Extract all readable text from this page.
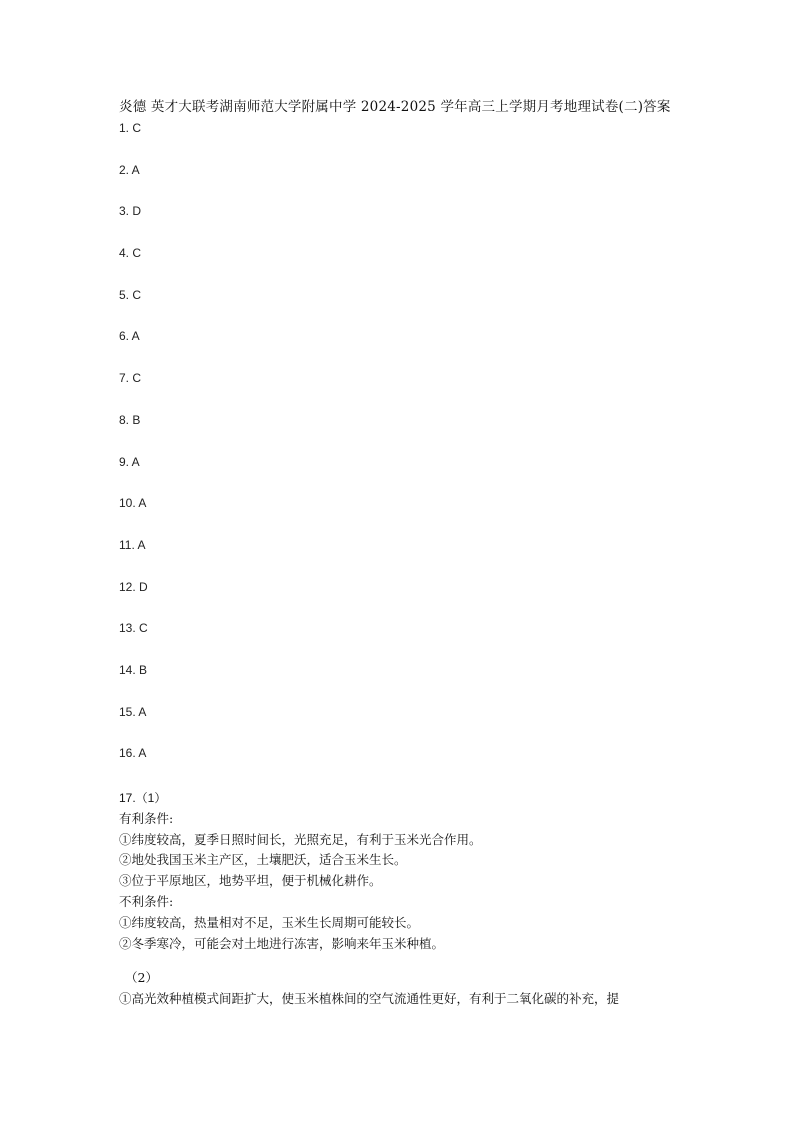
炎德 英才大联考湖南师范大学附属中学 2024-2025 学年高三上学期月考地理试卷(二)答案
1. C
2. A
3. D
4. C
5. C
6. A
7. C
8. B
9. A
10. A
11. A
12. D
13. C
14. B
15. A
16. A
17.（1）
有利条件:
①纬度较高，夏季日照时间长，光照充足，有利于玉米光合作用。
②地处我国玉米主产区，土壤肥沃，适合玉米生长。
③位于平原地区，地势平坦，便于机械化耕作。
不利条件:
①纬度较高，热量相对不足，玉米生长周期可能较长。
②冬季寒冷，可能会对土地进行冻害，影响来年玉米种植。
（2）
①高光效种植模式间距扩大，使玉米植株间的空气流通性更好，有利于二氧化碳的补充，提
